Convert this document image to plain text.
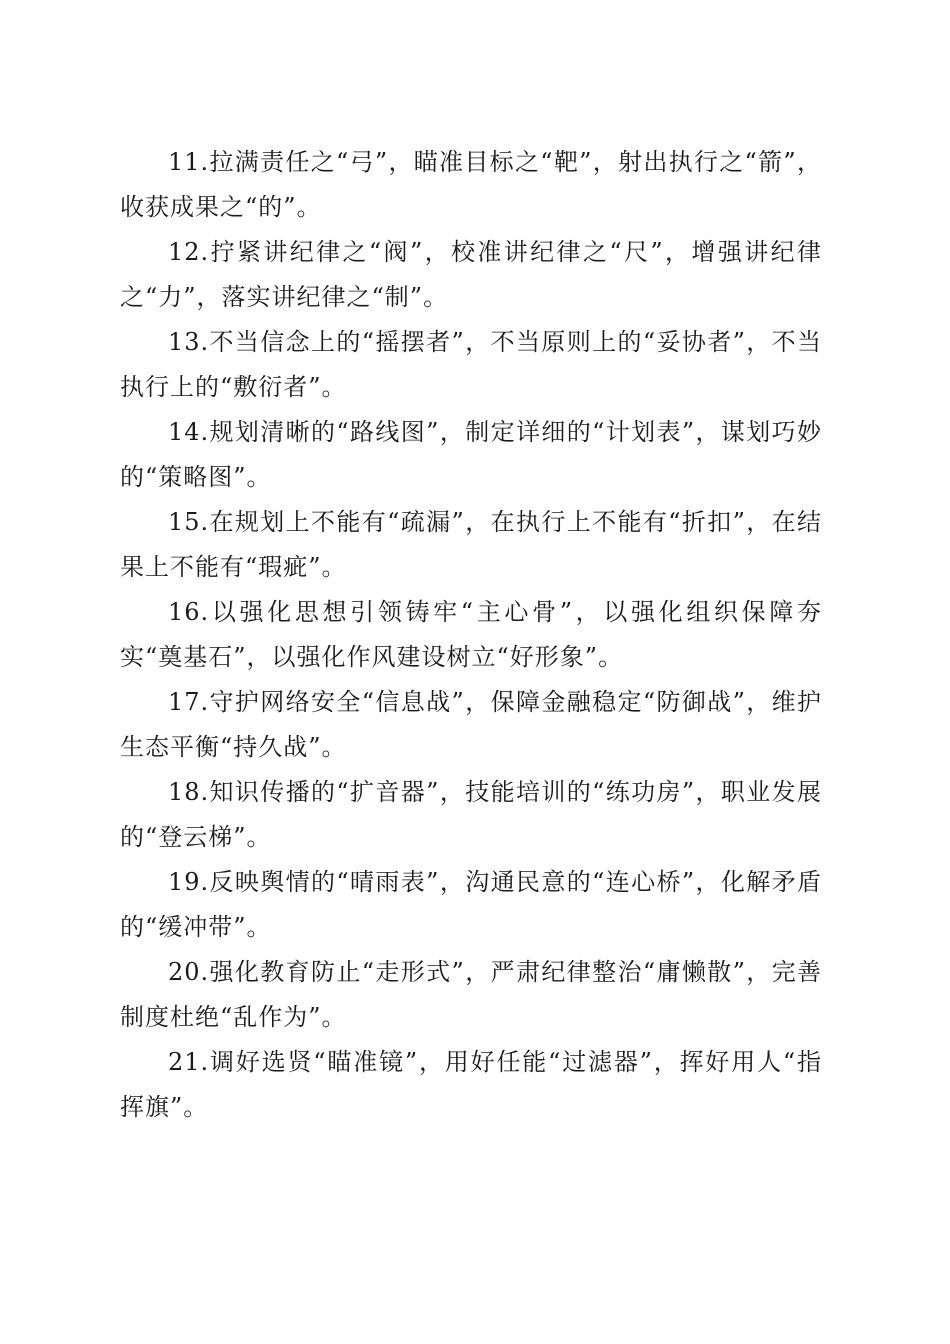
11.拉满责任之“弓”，瞄准目标之“靶”，射出执行之“箭”，收获成果之“的”。

12.拧紧讲纪律之“阀”，校准讲纪律之“尺”，增强讲纪律之“力”，落实讲纪律之“制”。

13.不当信念上的“摇摆者”，不当原则上的“妥协者”，不当执行上的“敷衍者”。

14.规划清晰的“路线图”，制定详细的“计划表”，谋划巧妙的“策略图”。

15.在规划上不能有“疏漏”，在执行上不能有“折扣”，在结果上不能有“瑕疵”。

16.以强化思想引领铸牢“主心骨”，以强化组织保障夯实“奠基石”，以强化作风建设树立“好形象”。

17.守护网络安全“信息战”，保障金融稳定“防御战”，维护生态平衡“持久战”。

18.知识传播的“扩音器”，技能培训的“练功房”，职业发展的“登云梯”。

19.反映舆情的“晴雨表”，沟通民意的“连心桥”，化解矛盾的“缓冲带”。

20.强化教育防止“走形式”，严肃纪律整治“庸懒散”，完善制度杜绝“乱作为”。

21.调好选贤“瞄准镜”，用好任能“过滤器”，挥好用人“指挥旗”。
